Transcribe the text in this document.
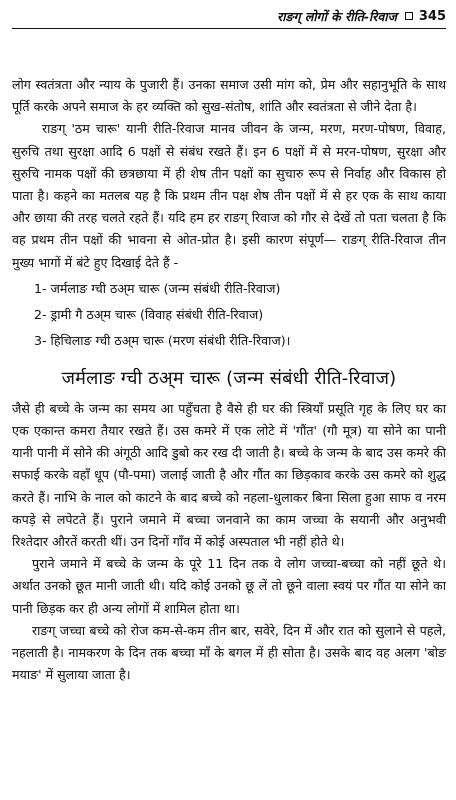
राङग् लोगों के रीति-रिवाज 345

लोग स्वतंत्रता और न्याय के पुजारी हैं। उनका समाज उसी मांग को, प्रेम और सहानुभूति के साथ पूर्ति करके अपने समाज के हर व्यक्ति को सुख-संतोष, शांति और स्वतंत्रता से जीने देता है।

राङग् 'ठम चारू' यानी रीति-रिवाज मानव जीवन के जन्म, मरण, मरण-पोषण, विवाह, सुरुचि तथा सुरक्षा आदि 6 पक्षों से संबंध रखते हैं। इन 6 पक्षों में से मरन-पोषण, सुरक्षा और सुरुचि नामक पक्षों की छत्रछाया में ही शेष तीन पक्षों का सुचारु रूप से निर्वाह और विकास हो पाता है। कहने का मतलब यह है कि प्रथम तीन पक्ष शेष तीन पक्षों में से हर एक के साथ काया और छाया की तरह चलते रहते हैं। यदि हम हर राङग् रिवाज को गौर से देखें तो पता चलता है कि वह प्रथम तीन पक्षों की भावना से ओत-प्रोत है। इसी कारण संपूर्ण— राङग् रीति-रिवाज तीन मुख्य भागों में बंटे हुए दिखाई देते हैं -

1- जर्मलाङ ग्ची ठअ्म चारू (जन्म संबंधी रीति-रिवाज)
2- ड्रामी गै ठअ्म चारू (विवाह संबंधी रीति-रिवाज)
3- हिचिलाङ ग्ची ठअ्म चारू (मरण संबंधी रीति-रिवाज)।
जर्मलाङ ग्ची ठअ्म चारू (जन्म संबंधी रीति-रिवाज)

जैसे ही बच्चे के जन्म का समय आ पहुँचता है वैसे ही घर की स्त्रियाँ प्रसूति गृह के लिए घर का एक एकान्त कमरा तैयार रखते हैं। उस कमरे में एक लोटे में 'गौंत' (गौ मूत्र) या सोने का पानी यानी पानी में सोने की अंगूठी आदि डुबो कर रख दी जाती है। बच्चे के जन्म के बाद उस कमरे की सफाई करके वहाँ धूप (पौ-पमा) जलाई जाती है और गौंत का छिड़काव करके उस कमरे को शुद्ध करते हैं। नाभि के नाल को काटने के बाद बच्चे को नहला-धुलाकर बिना सिला हुआ साफ व नरम कपड़े से लपेटते हैं। पुराने जमाने में बच्चा जनवाने का काम जच्चा के सयानी और अनुभवी रिश्तेदार औरतें करती थीं। उन दिनों गाँव में कोई अस्पताल भी नहीं होते थे।

पुराने जमाने में बच्चे के जन्म के पूरे 11 दिन तक वे लोग जच्चा-बच्चा को नहीं छूते थे। अर्थात उनको छूत मानी जाती थी। यदि कोई उनको छू लें तो छूने वाला स्वयं पर गौंत या सोने का पानी छिड़क कर ही अन्य लोगों में शामिल होता था।

राङग् जच्चा बच्चे को रोज कम-से-कम तीन बार, सवेरे, दिन में और रात को सुलाने से पहले, नहलाती है। नामकरण के दिन तक बच्चा माँ के बगल में ही सोता है। उसके बाद वह अलग 'बोङ मयाङ' में सुलाया जाता है।
